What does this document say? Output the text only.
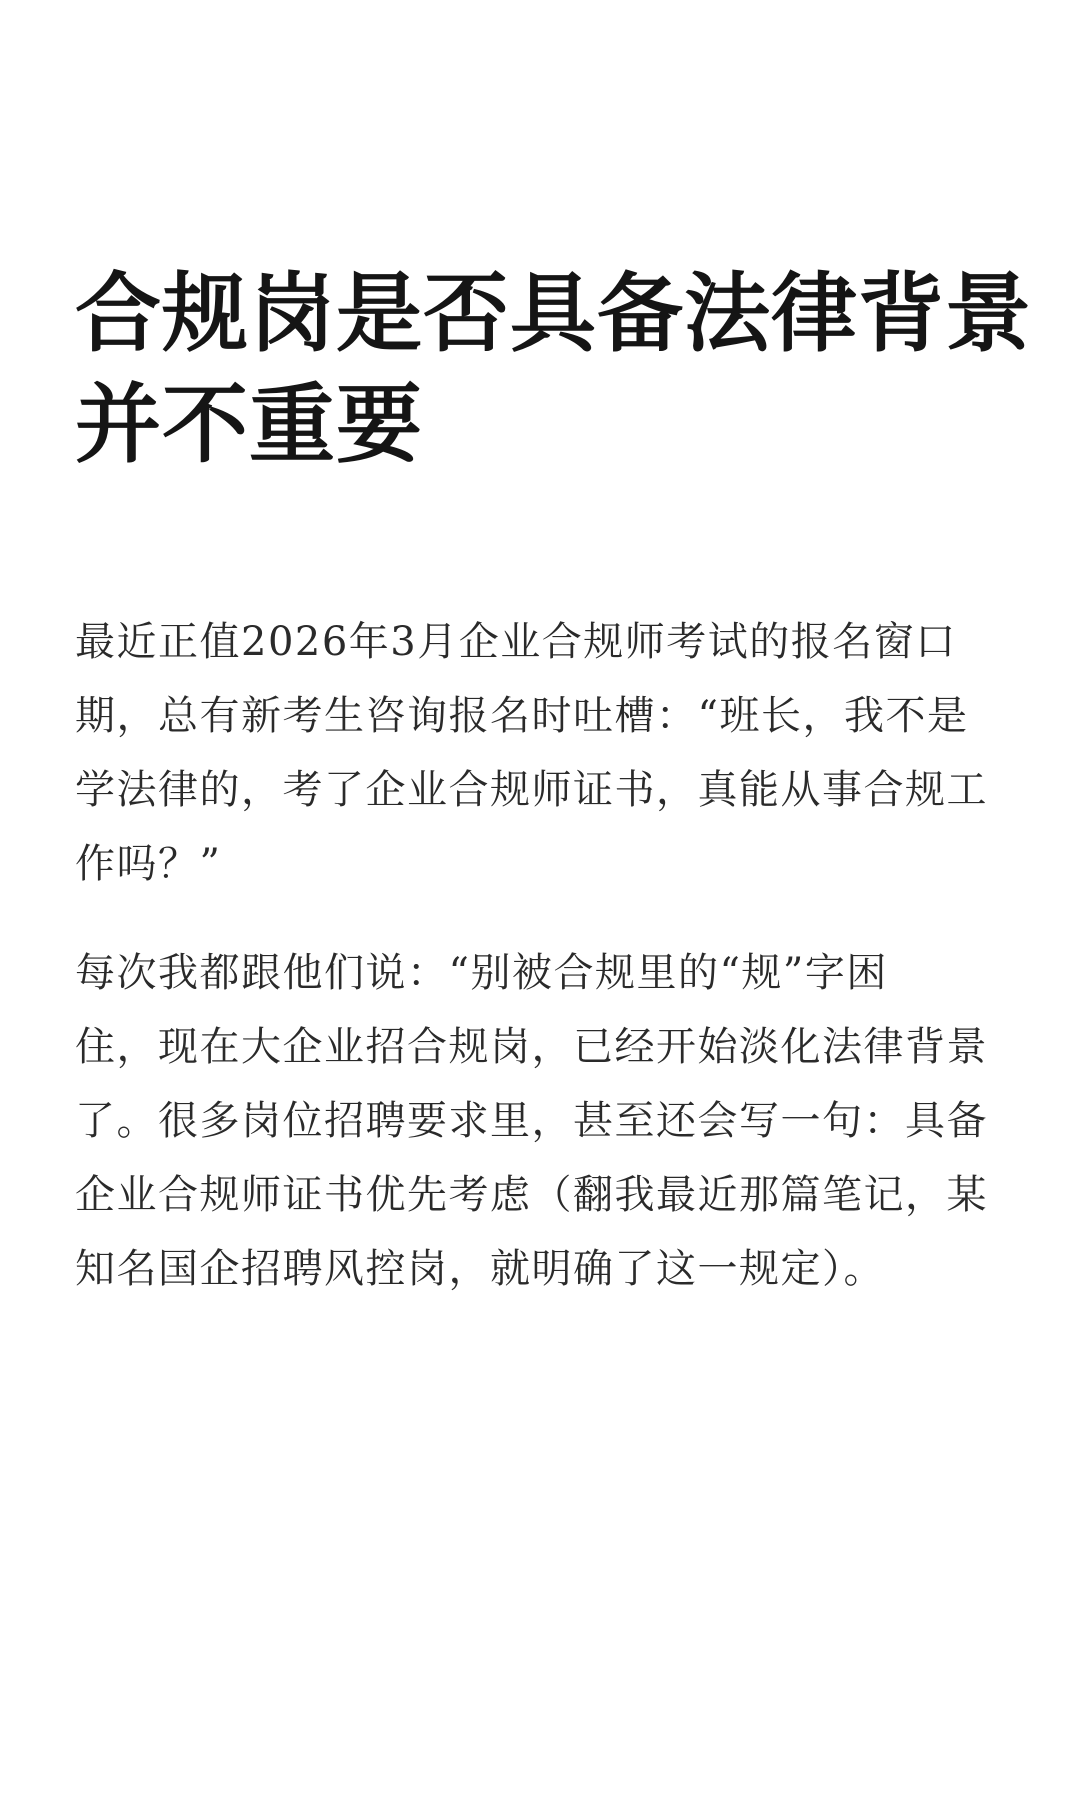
合规岗是否具备法律背景
并不重要

最近正值2026年3月企业合规师考试的报名窗口
期，总有新考生咨询报名时吐槽：“班长，我不是
学法律的，考了企业合规师证书，真能从事合规工
作吗？”

每次我都跟他们说：“别被合规里的“规”字困
住，现在大企业招合规岗，已经开始淡化法律背景
了。很多岗位招聘要求里，甚至还会写一句：具备
企业合规师证书优先考虑（翻我最近那篇笔记，某
知名国企招聘风控岗，就明确了这一规定）。
